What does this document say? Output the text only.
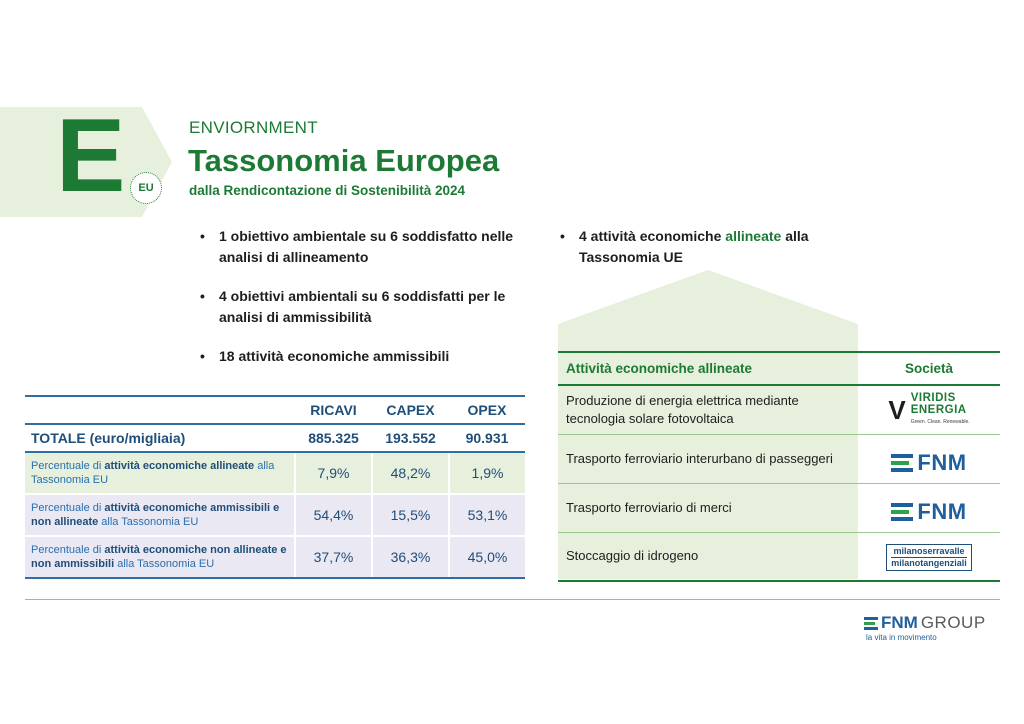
E	EU
ENVIORNMENT
Tassonomia Europea
dalla Rendicontazione di Sostenibilità 2024
• 1 obiettivo ambientale su 6 soddisfatto nelle analisi di allineamento
• 4 obiettivi ambientali su 6 soddisfatti per le analisi di ammissibilità
• 18 attività economiche ammissibili
• 4 attività economiche allineate alla Tassonomia UE
	RICAVI	CAPEX	OPEX
TOTALE (euro/migliaia)	885.325	193.552	90.931
Percentuale di attività economiche allineate alla Tassonomia EU	7,9%	48,2%	1,9%
Percentuale di attività economiche ammissibili e non allineate alla Tassonomia EU	54,4%	15,5%	53,1%
Percentuale di attività economiche non allineate e non ammissibili alla Tassonomia EU	37,7%	36,3%	45,0%
Attività economiche allineate	Società
Produzione di energia elettrica mediante tecnologia solare fotovoltaica	V VIRIDIS
ENERGIA
Green. Clean. Renewable.

Trasporto ferroviario interurbano di passeggeri	FNM

Trasporto ferroviario di merci	FNM

Stoccaggio di idrogeno	milanoserravalle
milanotangenziali
FNM GROUP
la vita in movimento
